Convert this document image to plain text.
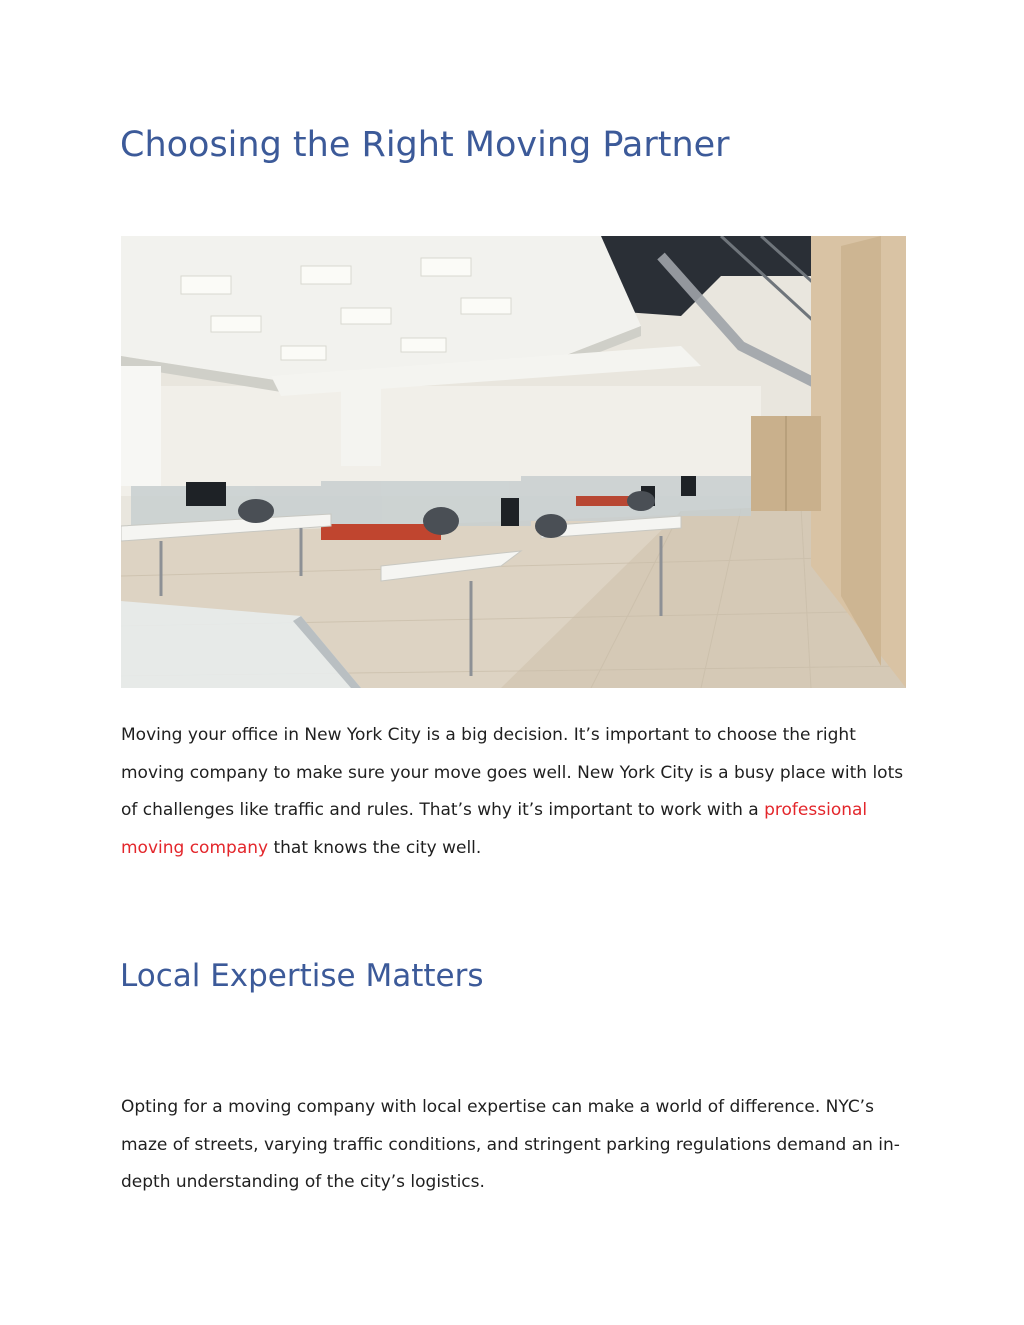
Choosing the Right Moving Partner

Moving your office in New York City is a big decision. It’s important to choose the right moving company to make sure your move goes well. New York City is a busy place with lots of challenges like traffic and rules. That’s why it’s important to work with a professional moving company that knows the city well.

Local Expertise Matters

Opting for a moving company with local expertise can make a world of difference. NYC’s maze of streets, varying traffic conditions, and stringent parking regulations demand an in-depth understanding of the city’s logistics.
